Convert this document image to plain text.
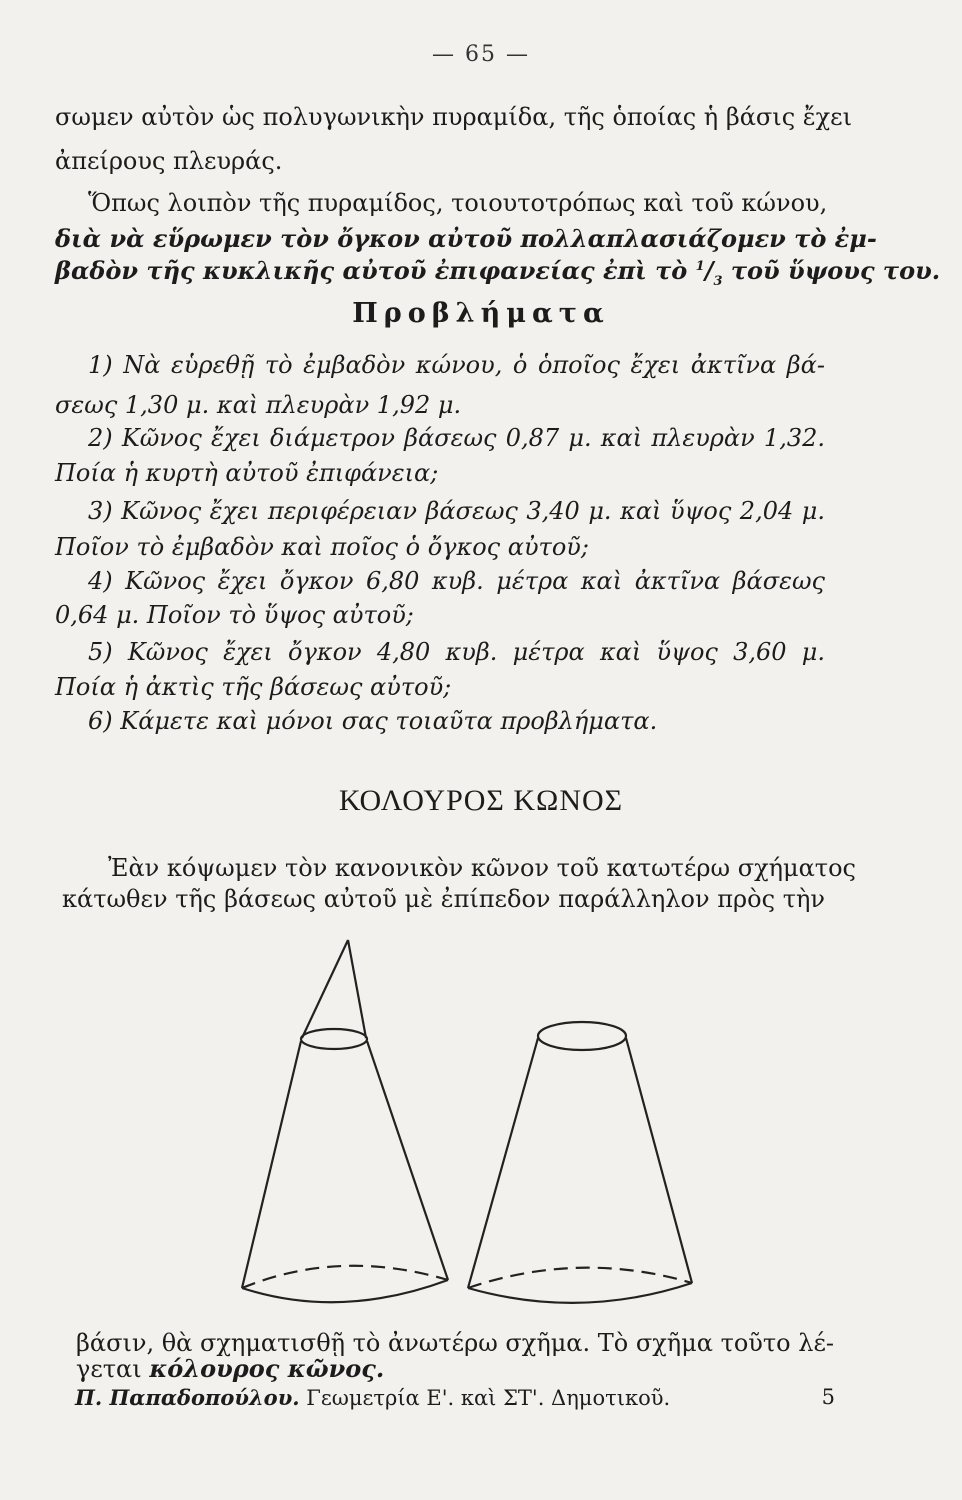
— 65 —
σωμεν αὐτὸν ὡς πολυγωνικὴν πυραμίδα, τῆς ὁποίας ἡ βάσις ἔχει
ἀπείρους πλευράς.
Ὅπως λοιπὸν τῆς πυραμίδος, τοιουτοτρόπως καὶ τοῦ κώνου,
διὰ νὰ εὕρωμεν τὸν ὄγκον αὐτοῦ πολλαπλασιάζομεν τὸ ἐμ-
βαδὸν τῆς κυκλικῆς αὐτοῦ ἐπιφανείας ἐπὶ τὸ $^1/_3$ τοῦ ὕψους του.
Προβλήματα
1) Νὰ εὑρεθῇ τὸ ἐμβαδὸν κώνου, ὁ ὁποῖος ἔχει ἀκτῖνα βά-
σεως 1,30 μ. καὶ πλευρὰν 1,92 μ.
2) Κῶνος ἔχει διάμετρον βάσεως 0,87 μ. καὶ πλευρὰν 1,32.
Ποία ἡ κυρτὴ αὐτοῦ ἐπιφάνεια;
3) Κῶνος ἔχει περιφέρειαν βάσεως 3,40 μ. καὶ ὕψος 2,04 μ.
Ποῖον τὸ ἐμβαδὸν καὶ ποῖος ὁ ὄγκος αὐτοῦ;
4) Κῶνος ἔχει ὄγκον 6,80 κυβ. μέτρα καὶ ἀκτῖνα βάσεως
0,64 μ. Ποῖον τὸ ὕψος αὐτοῦ;
5) Κῶνος ἔχει ὄγκον 4,80 κυβ. μέτρα καὶ ὕψος 3,60 μ.
Ποία ἡ ἀκτὶς τῆς βάσεως αὐτοῦ;
6) Κάμετε καὶ μόνοι σας τοιαῦτα προβλήματα.
ΚΟΛΟΥΡΟΣ ΚΩΝΟΣ
Ἐὰν κόψωμεν τὸν κανονικὸν κῶνον τοῦ κατωτέρω σχήματος
κάτωθεν τῆς βάσεως αὐτοῦ μὲ ἐπίπεδον παράλληλον πρὸς τὴν
βάσιν, θὰ σχηματισθῇ τὸ ἀνωτέρω σχῆμα. Τὸ σχῆμα τοῦτο λέ-
γεται κόλουρος κῶνος.
Π. Παπαδοπούλου. Γεωμετρία Ε'. καὶ ΣΤ'. Δημοτικοῦ.	5
